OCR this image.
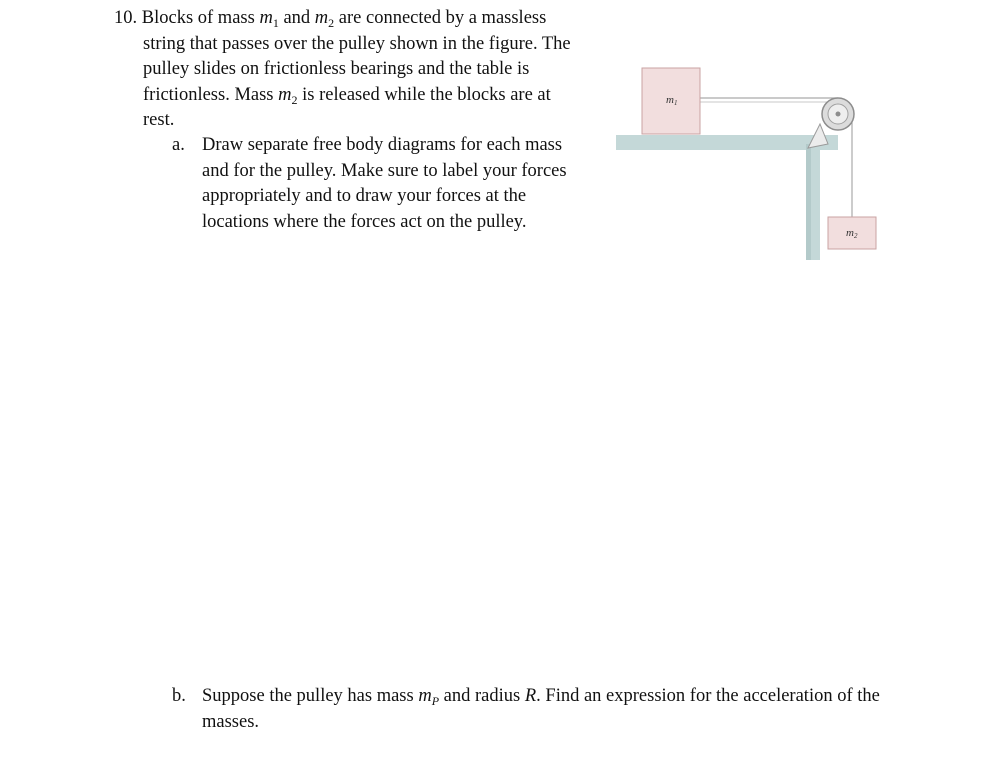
10. Blocks of mass $m_1$ and $m_2$ are connected by a massless string that passes over the pulley shown in the figure. The pulley slides on frictionless bearings and the table is frictionless. Mass $m_2$ is released while the blocks are at rest.

a. Draw separate free body diagrams for each mass and for the pulley. Make sure to label your forces appropriately and to draw your forces at the locations where the forces act on the pulley.
m1
m2
b. Suppose the pulley has mass $m_P$ and radius R. Find an expression for the acceleration of the masses.
